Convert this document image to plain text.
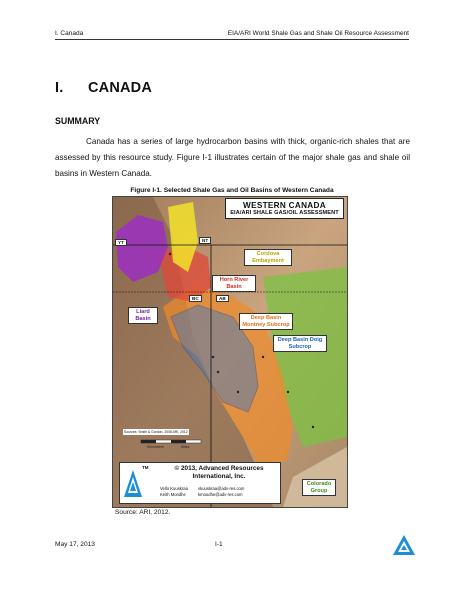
I. Canada	EIA/ARI World Shale Gas and Shale Oil Resource Assessment
I. CANADA
SUMMARY

Canada has a series of large hydrocarbon basins with thick, organic-rich shales that are assessed by this resource study. Figure I-1 illustrates certain of the major shale gas and shale oil basins in Western Canada.

Figure I-1. Selected Shale Gas and Oil Basins of Western Canada
WESTERN CANADA
EIA/ARI SHALE GAS/OIL ASSESSMENT
YT	NT
BC	AB
Cordova Embayment
Horn River Basin
Liard Basin	Deep Basin Montney Subcrop
Deep Basin Doig Subcrop
Colorado Group
Sources: Smith & Gordon, 2008 ARI, 2012
Kilometers	Miles
TM	© 2013, Advanced Resources International, Inc.
Vello Kuuskraa
Keith Moodhe
vkuuskraa@adv-res.com
kmoodhe@adv-res.com
Source: ARI, 2012.
May 17, 2013	I-1
